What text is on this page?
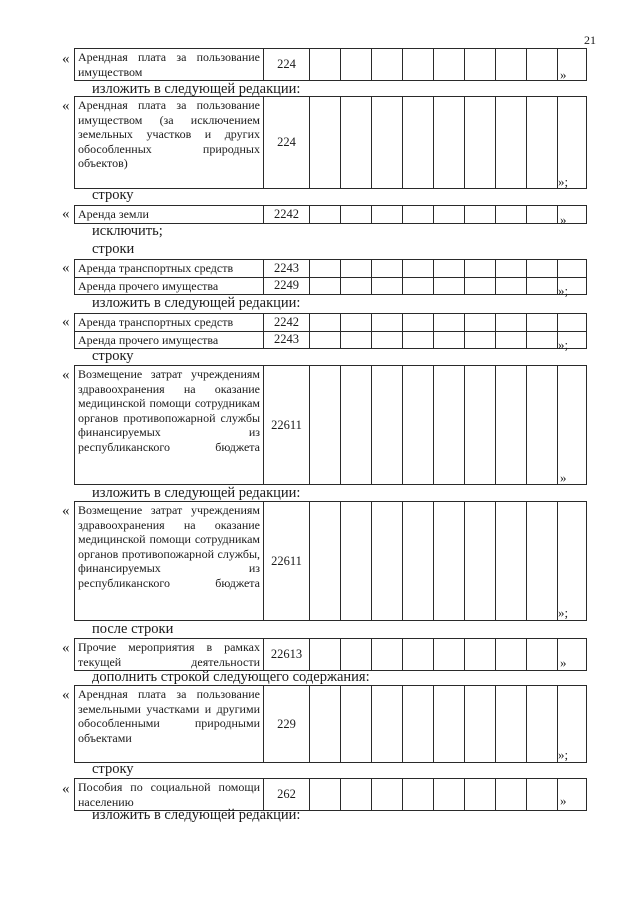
21
« Арендная плата за пользование имуществом	224									
»
изложить в следующей редакции:
« Арендная плата за пользование имуществом (за исключением земельных участков и других обособленных природных объектов)	224									
»;
строку
« Аренда земли	2242										»
исключить;
строки
« Аренда транспортных средств	2243									
Аренда прочего имущества	2249										»;
изложить в следующей редакции:
« Аренда транспортных средств	2242									
Аренда прочего имущества	2243										»;
строку
« Возмещение затрат учреждениям здравоохранения на оказание медицинской помощи сотрудникам органов противопожарной службы финансируемых из республиканского бюджета	22611									
»
изложить в следующей редакции:
« Возмещение затрат учреждениям здравоохранения на оказание медицинской помощи сотрудникам органов противопожарной службы, финансируемых из республиканского бюджета	22611									
»;
после строки
« Прочие мероприятия в рамках текущей деятельности	22613									
»
дополнить строкой следующего содержания:
« Арендная плата за пользование земельными участками и другими обособленными природными объектами	229									
»;
строку
« Пособия по социальной помощи населению	262										»
изложить в следующей редакции:
